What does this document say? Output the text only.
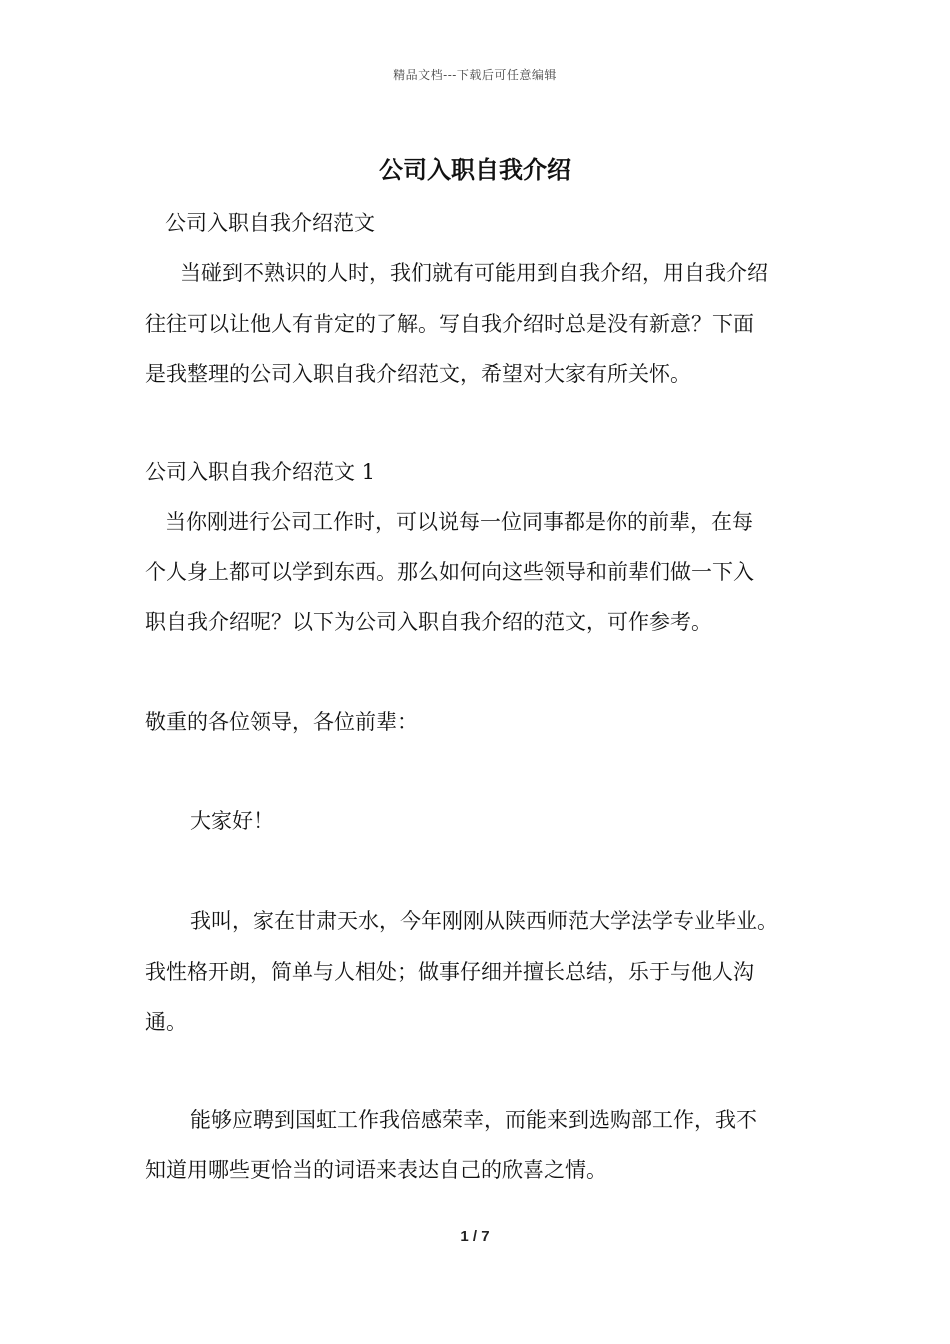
精品文档---下载后可任意编辑
公司入职自我介绍
公司入职自我介绍范文
当碰到不熟识的人时，我们就有可能用到自我介绍，用自我介绍
往往可以让他人有肯定的了解。写自我介绍时总是没有新意？下面
是我整理的公司入职自我介绍范文，希望对大家有所关怀。
公司入职自我介绍范文 1
当你刚进行公司工作时，可以说每一位同事都是你的前辈，在每
个人身上都可以学到东西。那么如何向这些领导和前辈们做一下入
职自我介绍呢？以下为公司入职自我介绍的范文，可作参考。
敬重的各位领导，各位前辈：
大家好！
我叫，家在甘肃天水，今年刚刚从陕西师范大学法学专业毕业。
我性格开朗，简单与人相处；做事仔细并擅长总结，乐于与他人沟
通。
能够应聘到国虹工作我倍感荣幸，而能来到选购部工作，我不
知道用哪些更恰当的词语来表达自己的欣喜之情。
1 / 7
